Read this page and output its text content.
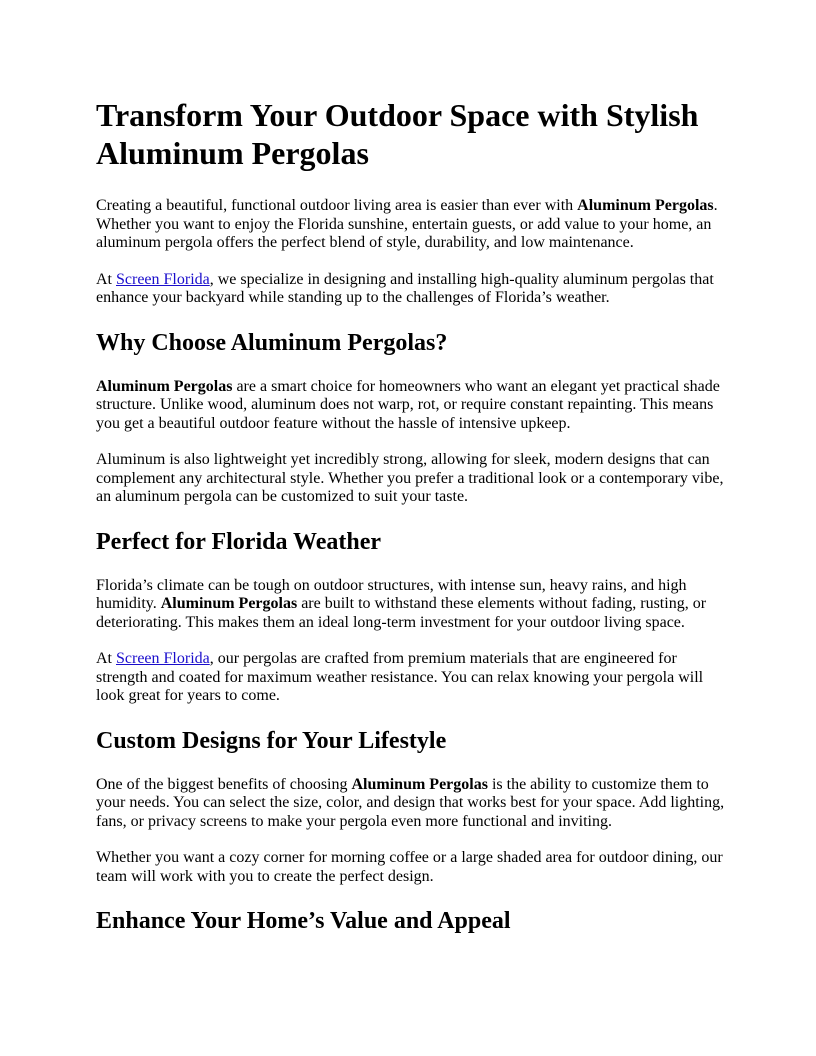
Transform Your Outdoor Space with Stylish Aluminum Pergolas

Creating a beautiful, functional outdoor living area is easier than ever with Aluminum Pergolas. Whether you want to enjoy the Florida sunshine, entertain guests, or add value to your home, an aluminum pergola offers the perfect blend of style, durability, and low maintenance.

At Screen Florida, we specialize in designing and installing high-quality aluminum pergolas that enhance your backyard while standing up to the challenges of Florida’s weather.

Why Choose Aluminum Pergolas?

Aluminum Pergolas are a smart choice for homeowners who want an elegant yet practical shade structure. Unlike wood, aluminum does not warp, rot, or require constant repainting. This means you get a beautiful outdoor feature without the hassle of intensive upkeep.

Aluminum is also lightweight yet incredibly strong, allowing for sleek, modern designs that can complement any architectural style. Whether you prefer a traditional look or a contemporary vibe, an aluminum pergola can be customized to suit your taste.

Perfect for Florida Weather

Florida’s climate can be tough on outdoor structures, with intense sun, heavy rains, and high humidity. Aluminum Pergolas are built to withstand these elements without fading, rusting, or deteriorating. This makes them an ideal long-term investment for your outdoor living space.

At Screen Florida, our pergolas are crafted from premium materials that are engineered for strength and coated for maximum weather resistance. You can relax knowing your pergola will look great for years to come.

Custom Designs for Your Lifestyle

One of the biggest benefits of choosing Aluminum Pergolas is the ability to customize them to your needs. You can select the size, color, and design that works best for your space. Add lighting, fans, or privacy screens to make your pergola even more functional and inviting.

Whether you want a cozy corner for morning coffee or a large shaded area for outdoor dining, our team will work with you to create the perfect design.

Enhance Your Home’s Value and Appeal
